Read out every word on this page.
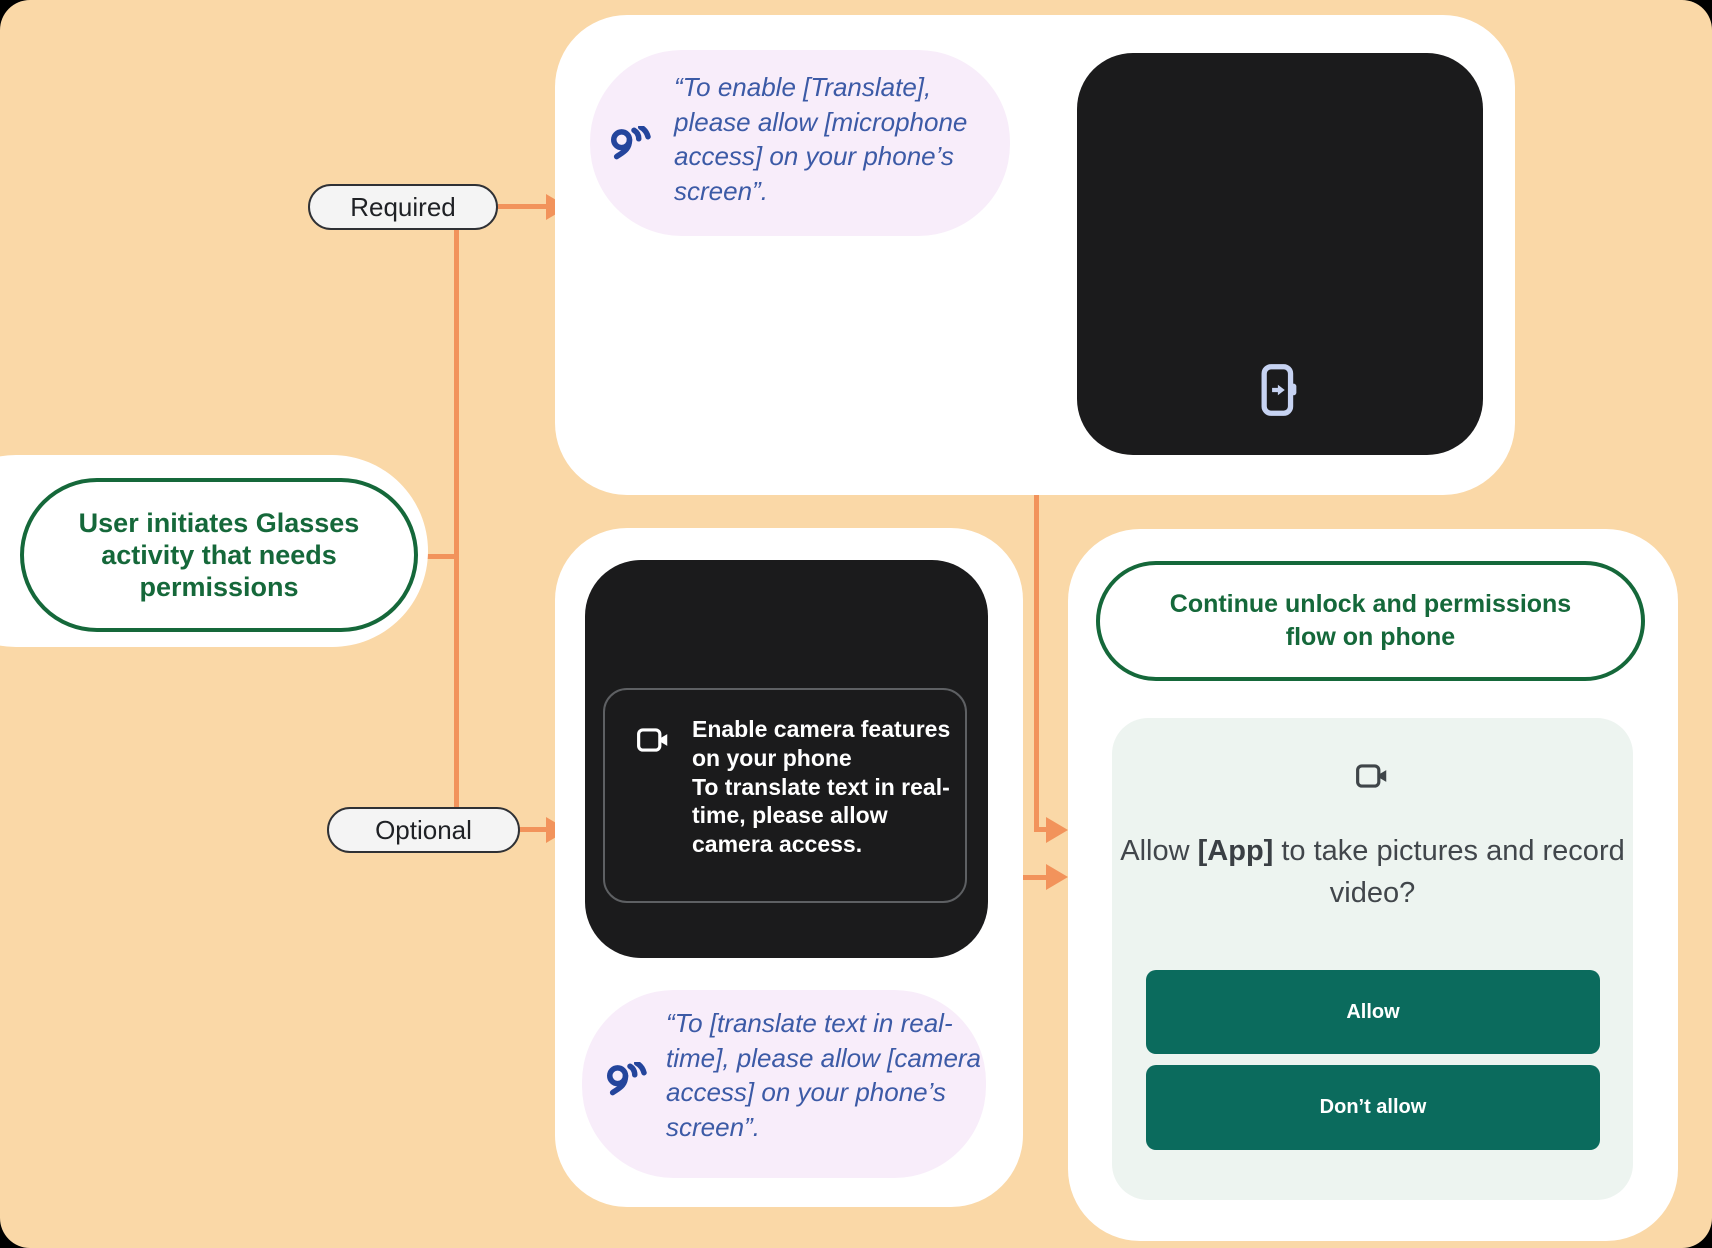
User initiates Glasses activity that needs permissions
Required
Optional
“To enable [Translate], please allow [microphone access] on your phone’s screen”.
Enable camera features on your phone
To translate text in real-time, please allow camera access.
“To [translate text in real-time], please allow [camera access] on your phone’s screen”.
Continue unlock and permissions flow on phone
Allow [App] to take pictures and record video?
Allow
Don’t allow
